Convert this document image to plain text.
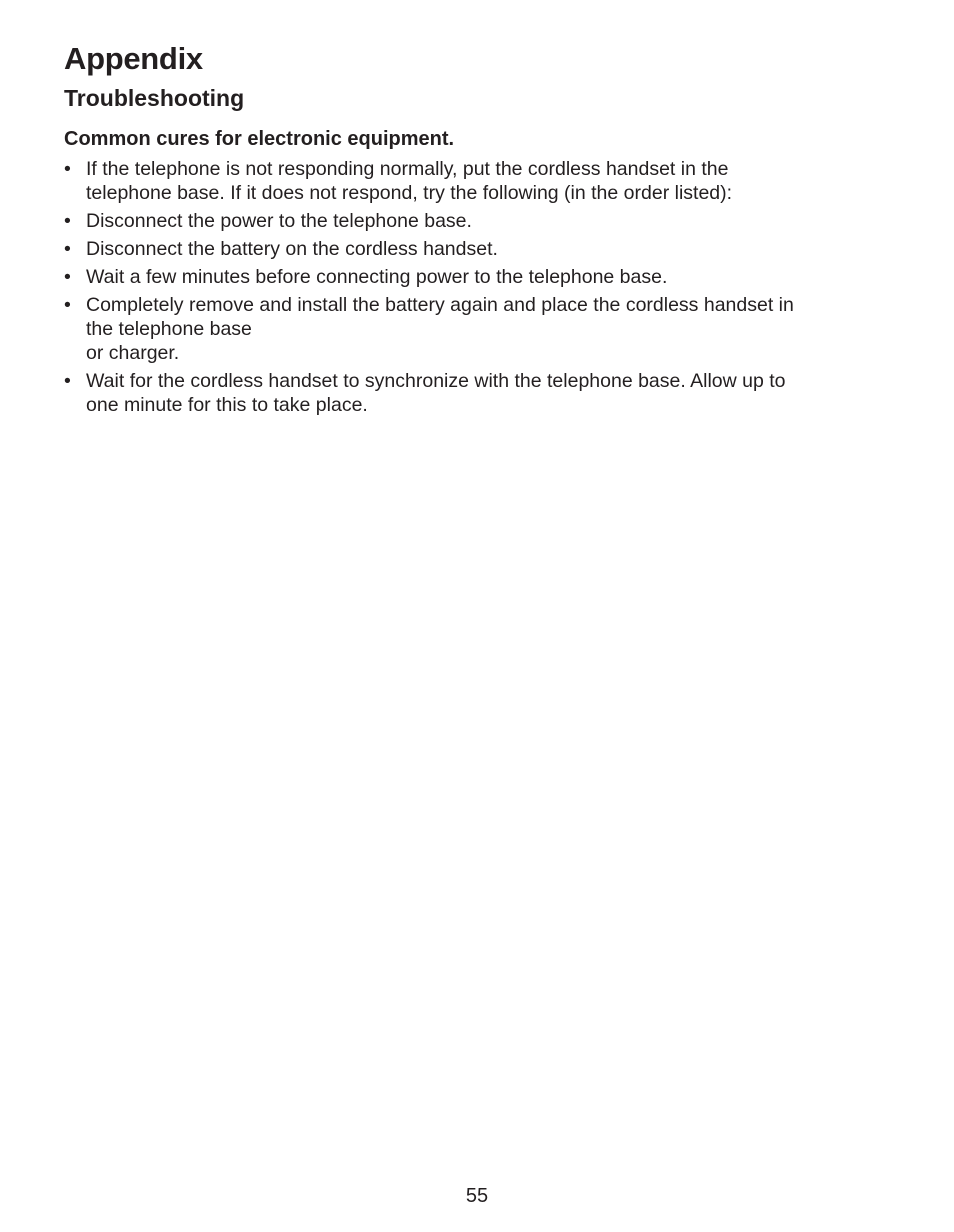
Appendix
Troubleshooting
Common cures for electronic equipment.
• If the telephone is not responding normally, put the cordless handset in the
telephone base. If it does not respond, try the following (in the order listed):
• Disconnect the power to the telephone base.
• Disconnect the battery on the cordless handset.
• Wait a few minutes before connecting power to the telephone base.
• Completely remove and install the battery again and place the cordless handset in
the telephone base
or charger.
• Wait for the cordless handset to synchronize with the telephone base. Allow up to
one minute for this to take place.
55
